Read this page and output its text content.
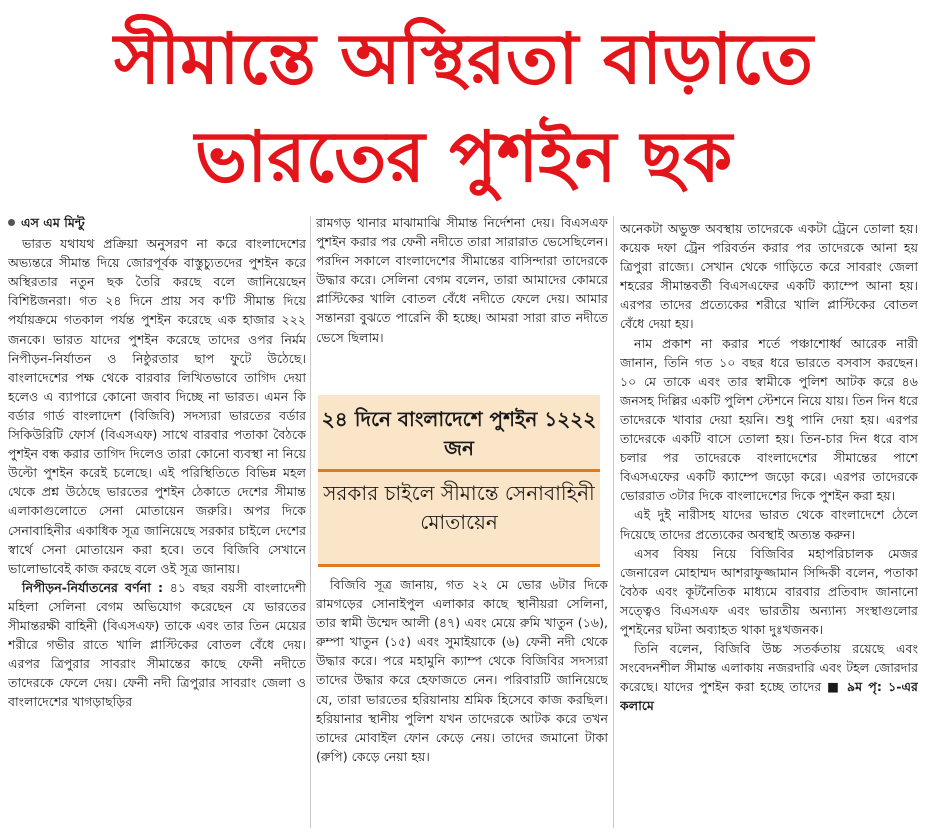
সীমান্তে অস্থিরতা বাড়াতে
ভারতের পুশইন ছক
এস এম মিন্টু

ভারত যথাযথ প্রক্রিয়া অনুসরণ না করে বাংলাদেশের অভ্যন্তরে সীমান্ত দিয়ে জোরপূর্বক বাস্তুচ্যুতদের পুশইন করে অস্থিরতার নতুন ছক তৈরি করছে বলে জানিয়েছেন বিশিষ্টজনরা। গত ২৪ দিনে প্রায় সব ক'টি সীমান্ত দিয়ে পর্যায়ক্রমে গতকাল পর্যন্ত পুশইন করেছে এক হাজার ২২২ জনকে। ভারত যাদের পুশইন করেছে তাদের ওপর নির্মম নিপীড়ন-নির্যাতন ও নিষ্ঠুরতার ছাপ ফুটে উঠেছে। বাংলাদেশের পক্ষ থেকে বারবার লিখিতভাবে তাগিদ দেয়া হলেও এ ব্যাপারে কোনো জবাব দিচ্ছে না ভারত। এমন কি বর্ডার গার্ড বাংলাদেশ (বিজিবি) সদস্যরা ভারতের বর্ডার সিকিউরিটি ফোর্স (বিএসএফ) সাথে বারবার পতাকা বৈঠকে পুশইন বন্ধ করার তাগিদ দিলেও তারা কোনো ব্যবস্থা না নিয়ে উল্টো পুশইন করেই চলেছে। এই পরিস্থিতিতে বিভিন্ন মহল থেকে প্রশ্ন উঠেছে ভারতের পুশইন ঠেকাতে দেশের সীমান্ত এলাকাগুলোতে সেনা মোতায়েন জরুরি। অপর দিকে সেনাবাহিনীর একাধিক সূত্র জানিয়েছে সরকার চাইলে দেশের স্বার্থে সেনা মোতায়েন করা হবে। তবে বিজিবি সেখানে ভালোভাবেই কাজ করছে বলে ওই সূত্র জানায়।

নিপীড়ন-নির্যাতনের বর্ণনা : ৪১ বছর বয়সী বাংলাদেশী মহিলা সেলিনা বেগম অভিযোগ করেছেন যে ভারতের সীমান্তরক্ষী বাহিনী (বিএসএফ) তাকে এবং তার তিন মেয়ের শরীরে গভীর রাতে খালি প্লাস্টিকের বোতল বেঁধে দেয়। এরপর ত্রিপুরার সাবরাং সীমান্তের কাছে ফেনী নদীতে তাদেরকে ফেলে দেয়। ফেনী নদী ত্রিপুরার সাবরাং জেলা ও বাংলাদেশের খাগড়াছড়ির

রামগড় থানার মাঝামাঝি সীমান্ত নির্দেশনা দেয়। বিএসএফ পুশইন করার পর ফেনী নদীতে তারা সারারাত ভেসেছিলেন। পরদিন সকালে বাংলাদেশের সীমান্তের বাসিন্দারা তাদেরকে উদ্ধার করে। সেলিনা বেগম বলেন, তারা আমাদের কোমরে প্লাস্টিকের খালি বোতল বেঁধে নদীতে ফেলে দেয়। আমার সন্তানরা বুঝতে পারেনি কী হচ্ছে। আমরা সারা রাত নদীতে ভেসে ছিলাম।

২৪ দিনে বাংলাদেশে পুশইন ১২২২ জন
সরকার চাইলে সীমান্তে সেনাবাহিনী মোতায়েন

বিজিবি সূত্র জানায়, গত ২২ মে ভোর ৬টার দিকে রামগড়ের সোনাইপুল এলাকার কাছে স্থানীয়রা সেলিনা, তার স্বামী উম্মেদ আলী (৪৭) এবং মেয়ে রুমি খাতুন (১৬), রুম্পা খাতুন (১৫) এবং সুমাইয়াকে (৬) ফেনী নদী থেকে উদ্ধার করে। পরে মহামুনি ক্যাম্প থেকে বিজিবির সদস্যরা তাদের উদ্ধার করে হেফাজতে নেন। পরিবারটি জানিয়েছে যে, তারা ভারতের হরিয়ানায় শ্রমিক হিসেবে কাজ করছিল। হরিয়ানার স্থানীয় পুলিশ যখন তাদেরকে আটক করে তখন তাদের মোবাইল ফোন কেড়ে নেয়। তাদের জমানো টাকা (রুপি) কেড়ে নেয়া হয়।

অনেকটা অভুক্ত অবস্থায় তাদেরকে একটা ট্রেনে তোলা হয়। কয়েক দফা ট্রেন পরিবর্তন করার পর তাদেরকে আনা হয় ত্রিপুরা রাজ্যে। সেখান থেকে গাড়িতে করে সাবরাং জেলা শহরের সীমান্তবর্তী বিএসএফের একটি ক্যাম্পে আনা হয়। এরপর তাদের প্রত্যেকের শরীরে খালি প্লাস্টিকের বোতল বেঁধে দেয়া হয়।

নাম প্রকাশ না করার শর্তে পঞ্চাশোর্ধ্ব আরেক নারী জানান, তিনি গত ১০ বছর ধরে ভারতে বসবাস করছেন। ১০ মে তাকে এবং তার স্বামীকে পুলিশ আটক করে ৪৬ জনসহ দিল্লির একটি পুলিশ স্টেশনে নিয়ে যায়। তিন দিন ধরে তাদেরকে খাবার দেয়া হয়নি। শুধু পানি দেয়া হয়। এরপর তাদেরকে একটি বাসে তোলা হয়। তিন-চার দিন ধরে বাস চলার পর তাদেরকে বাংলাদেশের সীমান্তের পাশে বিএসএফের একটি ক্যাম্পে জড়ো করে। এরপর তাদেরকে ভোররাত ৩টার দিকে বাংলাদেশের দিকে পুশইন করা হয়।

এই দুই নারীসহ যাদের ভারত থেকে বাংলাদেশে ঠেলে দিয়েছে তাদের প্রত্যেকের অবস্থাই অত্যন্ত করুন।

এসব বিষয় নিয়ে বিজিবির মহাপরিচালক মেজর জেনারেল মোহাম্মদ আশরাফুজ্জামান সিদ্দিকী বলেন, পতাকা বৈঠক এবং কূটনৈতিক মাধ্যমে বারবার প্রতিবাদ জানানো সত্ত্বেও বিএসএফ এবং ভারতীয় অন্যান্য সংস্থাগুলোর পুশইনের ঘটনা অব্যাহত থাকা দুঃখজনক।

তিনি বলেন, বিজিবি উচ্চ সতর্কতায় রয়েছে এবং সংবেদনশীল সীমান্ত এলাকায় নজরদারি এবং টহল জোরদার করেছে। যাদের পুশইন করা হচ্ছে তাদের ■ ৯ম পৃ: ১-এর কলামে
